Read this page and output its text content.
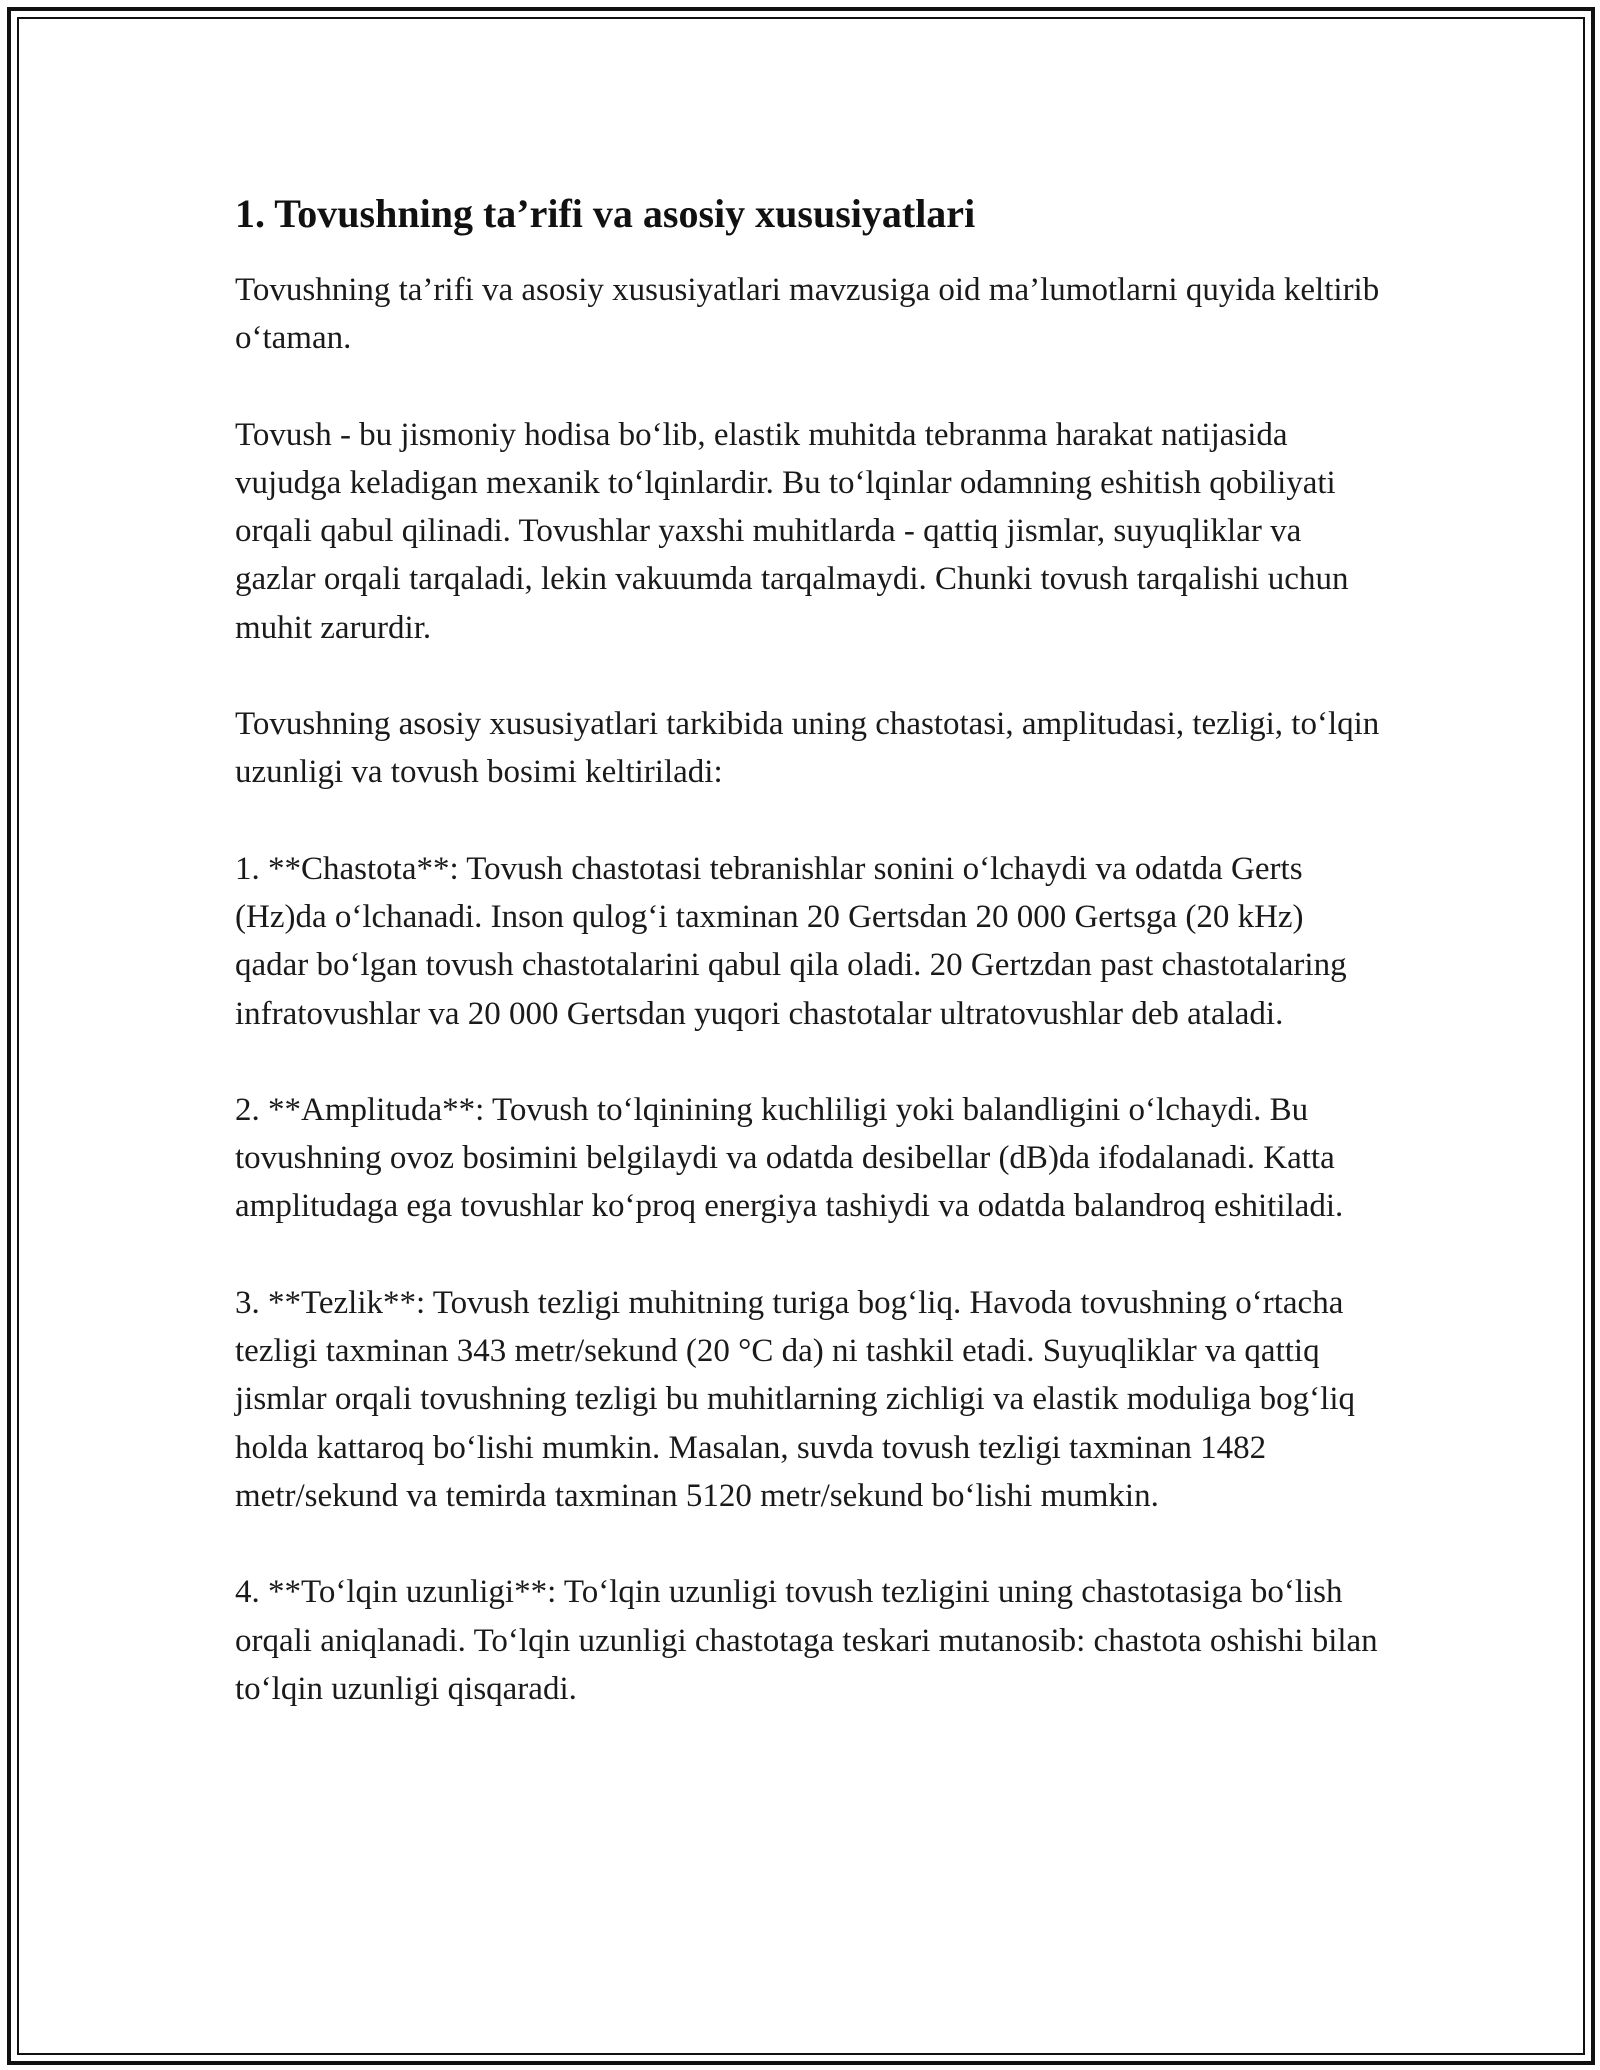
1. Tovushning ta’rifi va asosiy xususiyatlari

Tovushning ta’rifi va asosiy xususiyatlari mavzusiga oid ma’lumotlarni quyida keltirib o‘taman.

Tovush - bu jismoniy hodisa bo‘lib, elastik muhitda tebranma harakat natijasida vujudga keladigan mexanik to‘lqinlardir. Bu to‘lqinlar odamning eshitish qobiliyati orqali qabul qilinadi. Tovushlar yaxshi muhitlarda - qattiq jismlar, suyuqliklar va gazlar orqali tarqaladi, lekin vakuumda tarqalmaydi. Chunki tovush tarqalishi uchun muhit zarurdir.

Tovushning asosiy xususiyatlari tarkibida uning chastotasi, amplitudasi, tezligi, to‘lqin uzunligi va tovush bosimi keltiriladi:

1. **Chastota**: Tovush chastotasi tebranishlar sonini o‘lchaydi va odatda Gerts (Hz)da o‘lchanadi. Inson qulog‘i taxminan 20 Gertsdan 20 000 Gertsga (20 kHz) qadar bo‘lgan tovush chastotalarini qabul qila oladi. 20 Gertzdan past chastotalaring infratovushlar va 20 000 Gertsdan yuqori chastotalar ultratovushlar deb ataladi.

2. **Amplituda**: Tovush to‘lqinining kuchliligi yoki balandligini o‘lchaydi. Bu tovushning ovoz bosimini belgilaydi va odatda desibellar (dB)da ifodalanadi. Katta amplitudaga ega tovushlar ko‘proq energiya tashiydi va odatda balandroq eshitiladi.

3. **Tezlik**: Tovush tezligi muhitning turiga bog‘liq. Havoda tovushning o‘rtacha tezligi taxminan 343 metr/sekund (20 °C da) ni tashkil etadi. Suyuqliklar va qattiq jismlar orqali tovushning tezligi bu muhitlarning zichligi va elastik moduliga bog‘liq holda kattaroq bo‘lishi mumkin. Masalan, suvda tovush tezligi taxminan 1482 metr/sekund va temirda taxminan 5120 metr/sekund bo‘lishi mumkin.

4. **To‘lqin uzunligi**: To‘lqin uzunligi tovush tezligini uning chastotasiga bo‘lish orqali aniqlanadi. To‘lqin uzunligi chastotaga teskari mutanosib: chastota oshishi bilan to‘lqin uzunligi qisqaradi.
